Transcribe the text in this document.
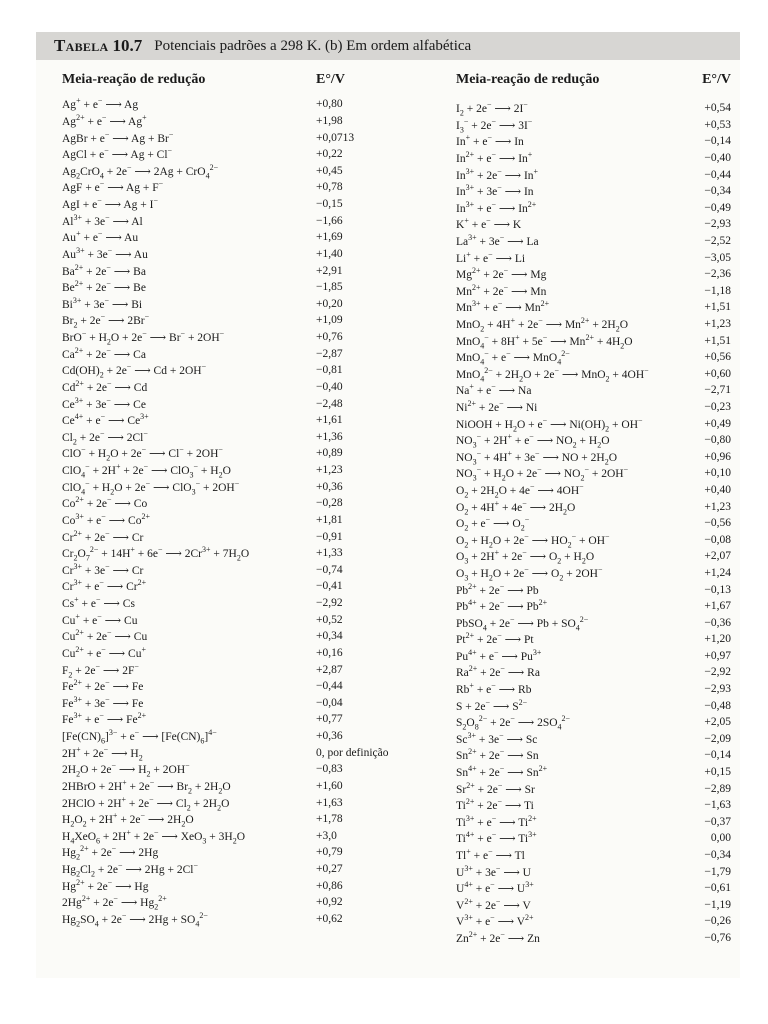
Tabela 10.7 Potenciais padrões a 298 K. (b) Em ordem alfabética
Meia-reação de redução	E°/V
Ag+ + e− ⟶ Ag	+0,80
$Ag^{2+} + e^-$ ⟶ Ag+	+1,98
AgBr + e− ⟶ Ag + Br−	+0,0713
AgCl + e− ⟶ Ag + Cl−	+0,22
$Ag_2CrO_4 + 2e^-$ ⟶ 2Ag + CrO$_4^{2-}$	+0,45
AgF + e− ⟶ Ag + F−	+0,78
AgI + e− ⟶ Ag + I−	−0,15
$Al^{3+} + 3e^-$ ⟶ Al	−1,66
Au+ + e− ⟶ Au	+1,69
$Au^{3+} + 3e^-$ ⟶ Au	+1,40
$Ba^{2+} + 2e^-$ ⟶ Ba	+2,91
$Be^{2+} + 2e^-$ ⟶ Be	−1,85
$Bi^{3+} + 3e^-$ ⟶ Bi	+0,20
$Br_2 + 2e^-$ ⟶ 2Br−	+1,09
$BrO^- + H_2O + 2e^-$ ⟶ Br− + 2OH−	+0,76
$Ca^{2+} + 2e^-$ ⟶ Ca	−2,87
$Cd(OH)_2 + 2e^-$ ⟶ Cd + 2OH−	−0,81
$Cd^{2+} + 2e^-$ ⟶ Cd	−0,40
$Ce^{3+} + 3e^-$ ⟶ Ce	−2,48
$Ce^{4+} + e^-$ ⟶ $Ce^{3+}$	+1,61
$Cl_2 + 2e^-$ ⟶ 2Cl−	+1,36
$ClO^- + H_2O + 2e^-$ ⟶ Cl− + 2OH−	+0,89
ClO$_4$− + 2H+ + 2e− ⟶ $ClO_3^- + H_2O$	+1,23
$ClO_4^- + H_2O + 2e^-$ ⟶ ClO$_3$− + 2OH−	+0,36
$Co^{2+} + 2e^-$ ⟶ Co	−0,28
$Co^{3+} + e^-$ ⟶ $Co^{2+}$	+1,81
$Cr^{2+} + 2e^-$ ⟶ Cr	−0,91
$Cr_2O_7^{2-} + 14H^+ + 6e^-$ ⟶ $2Cr^{3+} + 7H_2O$	+1,33
$Cr^{3+} + 3e^-$ ⟶ Cr	−0,74
$Cr^{3+} + e^-$ ⟶ $Cr^{2+}$	−0,41
Cs+ + e− ⟶ Cs	−2,92
Cu+ + e− ⟶ Cu	+0,52
$Cu^{2+} + 2e^-$ ⟶ Cu	+0,34
$Cu^{2+} + e^-$ ⟶ Cu+	+0,16
$F_2 + 2e^-$ ⟶ 2F−	+2,87
$Fe^{2+} + 2e^-$ ⟶ Fe	−0,44
$Fe^{3+} + 3e^-$ ⟶ Fe	−0,04
$Fe^{3+} + e^-$ ⟶ $Fe^{2+}$	+0,77
$[Fe(CN)_6]^{3-} + e^-$ ⟶ $[Fe(CN)_6]^{4-}$	+0,36
2H+ + 2e− ⟶ $H_2$	0, por definição
$2H_2O + 2e^-$ ⟶ $H_2 + 2OH^-$	−0,83
2HBrO + 2H+ + 2e− ⟶ $Br_2 + 2H_2O$	+1,60
2HClO + 2H+ + 2e− ⟶ $Cl_2 + 2H_2O$	+1,63
$H_2O_2 + 2H^+ + 2e^-$ ⟶ $2H_2O$	+1,78
$H_4XeO_6 + 2H^+ + 2e^-$ ⟶ $XeO_3 + 3H_2O$	+3,0
$Hg_2^{2+} + 2e^-$ ⟶ 2Hg	+0,79
$Hg_2Cl_2 + 2e^-$ ⟶ 2Hg + 2Cl−	+0,27
$Hg^{2+} + 2e^-$ ⟶ Hg	+0,86
$2Hg^{2+} + 2e^-$ ⟶ $Hg_2^{2+}$	+0,92
$Hg_2SO_4 + 2e^-$ ⟶ $2Hg + SO_4^{2-}$	+0,62
Meia-reação de redução	E°/V
$I_2 + 2e^-$ ⟶ 2I−	+0,54
$I_3^- + 2e^-$ ⟶ 3I−	+0,53
In+ + e− ⟶ In	−0,14
$In^{2+} + e^-$ ⟶ In+	−0,40
$In^{3+} + 2e^-$ ⟶ In+	−0,44
$In^{3+} + 3e^-$ ⟶ In	−0,34
$In^{3+} + e^-$ ⟶ $In^{2+}$	−0,49
K+ + e− ⟶ K	−2,93
$La^{3+} + 3e^-$ ⟶ La	−2,52
Li+ + e− ⟶ Li	−3,05
$Mg^{2+} + 2e^-$ ⟶ Mg	−2,36
$Mn^{2+} + 2e^-$ ⟶ Mn	−1,18
$Mn^{3+} + e^-$ ⟶ $Mn^{2+}$	+1,51
MnO$_2$ + 4H+ + 2e− ⟶ $Mn^{2+} + 2H_2O$	+1,23
MnO$_4$− + 8H+ + 5e− ⟶ $Mn^{2+} + 4H_2O$	+1,51
MnO$_4$− + e− ⟶ MnO$_4^{2-}$	+0,56
$MnO_4^{2-} + 2H_2O + 2e^-$ ⟶ MnO$_2$ + 4OH−	+0,60
Na+ + e− ⟶ Na	−2,71
$Ni^{2+} + 2e^-$ ⟶ Ni	−0,23
NiOOH + $H_2O + e^-$ ⟶ $Ni(OH)_2 + OH^-$	+0,49
$NO_3^- + 2H^+ + e^-$ ⟶ $NO_2 + H_2O$	−0,80
$NO_3^- + 4H^+ + 3e^-$ ⟶ NO + $2H_2O$	+0,96
$NO_3^- + H_2O + 2e^-$ ⟶ $NO_2^- + 2OH^-$	+0,10
$O_2 + 2H_2O + 4e^-$ ⟶ 4OH−	+0,40
$O_2 + 4H^+ + 4e^-$ ⟶ $2H_2O$	+1,23
$O_2 + e^-$ ⟶ $O_2^-$	−0,56
$O_2 + H_2O + 2e^-$ ⟶ $HO_2^- + OH^-$	−0,08
$O_3 + 2H^+ + 2e^-$ ⟶ $O_2 + H_2O$	+2,07
$O_3 + H_2O + 2e^-$ ⟶ $O_2 + 2OH^-$	+1,24
$Pb^{2+} + 2e^-$ ⟶ Pb	−0,13
$Pb^{4+} + 2e^-$ ⟶ $Pb^{2+}$	+1,67
PbSO$_4$ + 2e− ⟶ $Pb + SO_4^{2-}$	−0,36
$Pt^{2+} + 2e^-$ ⟶ Pt	+1,20
$Pu^{4+} + e^-$ ⟶ $Pu^{3+}$	+0,97
$Ra^{2+} + 2e^-$ ⟶ Ra	−2,92
Rb+ + e− ⟶ Rb	−2,93
S + 2e− ⟶ $S^{2-}$	−0,48
$S_2O_8^{2-} + 2e^-$ ⟶ $2SO_4^{2-}$	+2,05
$Sc^{3+} + 3e^-$ ⟶ Sc	−2,09
$Sn^{2+} + 2e^-$ ⟶ Sn	−0,14
$Sn^{4+} + 2e^-$ ⟶ $Sn^{2+}$	+0,15
$Sr^{2+} + 2e^-$ ⟶ Sr	−2,89
$Ti^{2+} + 2e^-$ ⟶ Ti	−1,63
$Ti^{3+} + e^-$ ⟶ $Ti^{2+}$	−0,37
$Ti^{4+} + e^-$ ⟶ $Ti^{3+}$	0,00
Tl+ + e− ⟶ Tl	−0,34
$U^{3+} + 3e^-$ ⟶ U	−1,79
$U^{4+} + e^-$ ⟶ $U^{3+}$	−0,61
$V^{2+} + 2e^-$ ⟶ V	−1,19
$V^{3+} + e^-$ ⟶ $V^{2+}$	−0,26
$Zn^{2+} + 2e^-$ ⟶ Zn	−0,76
